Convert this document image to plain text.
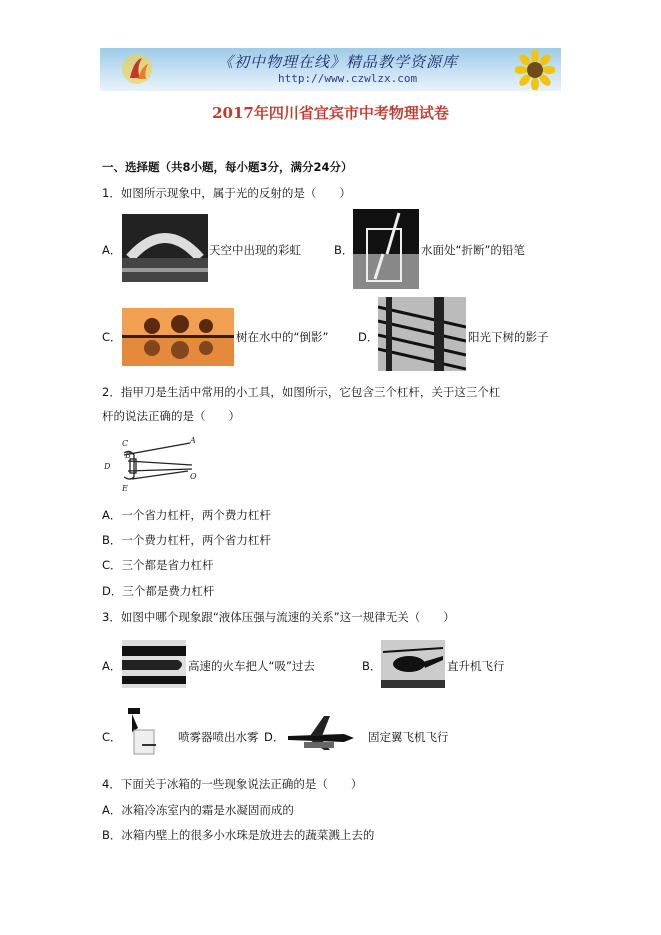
《初中物理在线》精品教学资源库
http://www.czwlzx.com
2017年四川省宜宾市中考物理试卷
一、选择题（共8小题，每小题3分，满分24分）
1．如图所示现象中，属于光的反射的是（　　）
A．	天空中出现的彩虹	B．	水面处“折断”的铅笔
C．	树在水中的“倒影”	D．	阳光下树的影子
2．指甲刀是生活中常用的小工具，如图所示，它包含三个杠杆，关于这三个杠
杆的说法正确的是（　　）
C	A
B
D
O
E
A．一个省力杠杆，两个费力杠杆
B．一个费力杠杆，两个省力杠杆
C．三个都是省力杠杆
D．三个都是费力杠杆
3．如图中哪个现象跟“液体压强与流速的关系”这一规律无关（　　）
A．	高速的火车把人“吸”过去	B．	直升机飞行
C．	喷雾器喷出水雾 D．	固定翼飞机飞行
4．下面关于冰箱的一些现象说法正确的是（　　）
A．冰箱冷冻室内的霜是水凝固而成的
B．冰箱内壁上的很多小水珠是放进去的蔬菜溅上去的
